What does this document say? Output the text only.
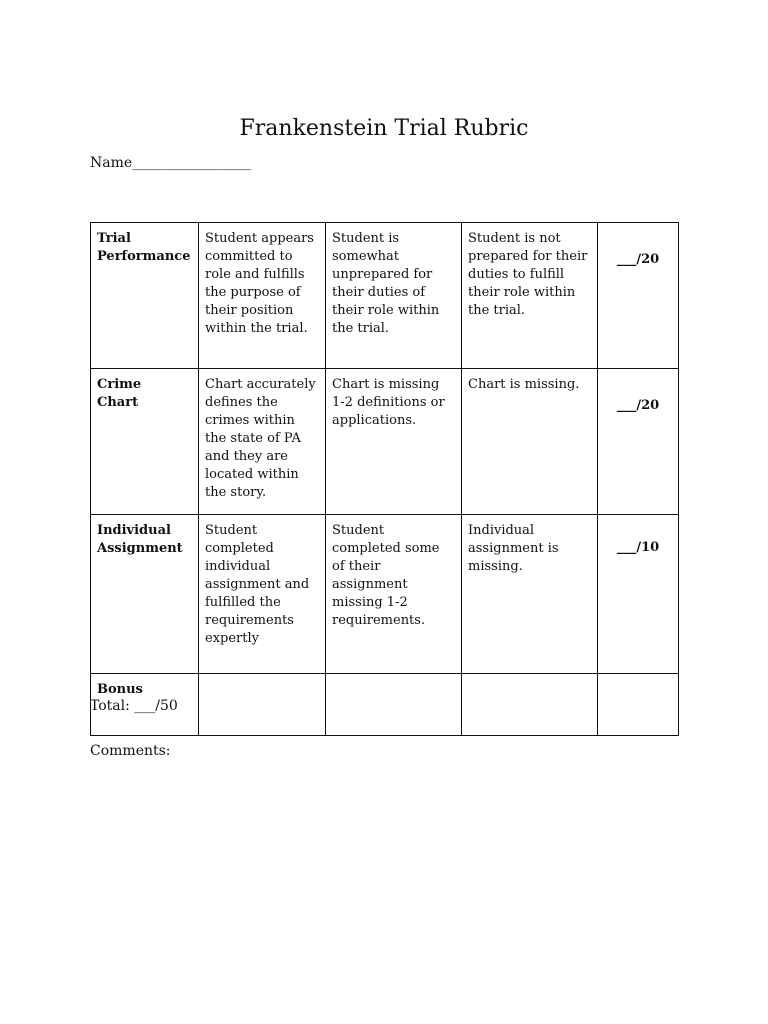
Frankenstein Trial Rubric
Name_________________
Trial
Performance	Student appears committed to role and fulfills the purpose of their position within the trial.	Student is somewhat unprepared for their duties of their role within the trial.	Student is not prepared for their duties to fulfill their role within the trial.	___/20
Crime
Chart	Chart accurately defines the crimes within the state of PA and they are located within the story.	Chart is missing 1-2 definitions or applications.	Chart is missing.	___/20
Individual
Assignment	Student completed individual assignment and fulfilled the requirements expertly	Student completed some of their assignment missing 1-2 requirements.	Individual assignment is missing.	___/10
Bonus				
Total: ___/50
Comments:
